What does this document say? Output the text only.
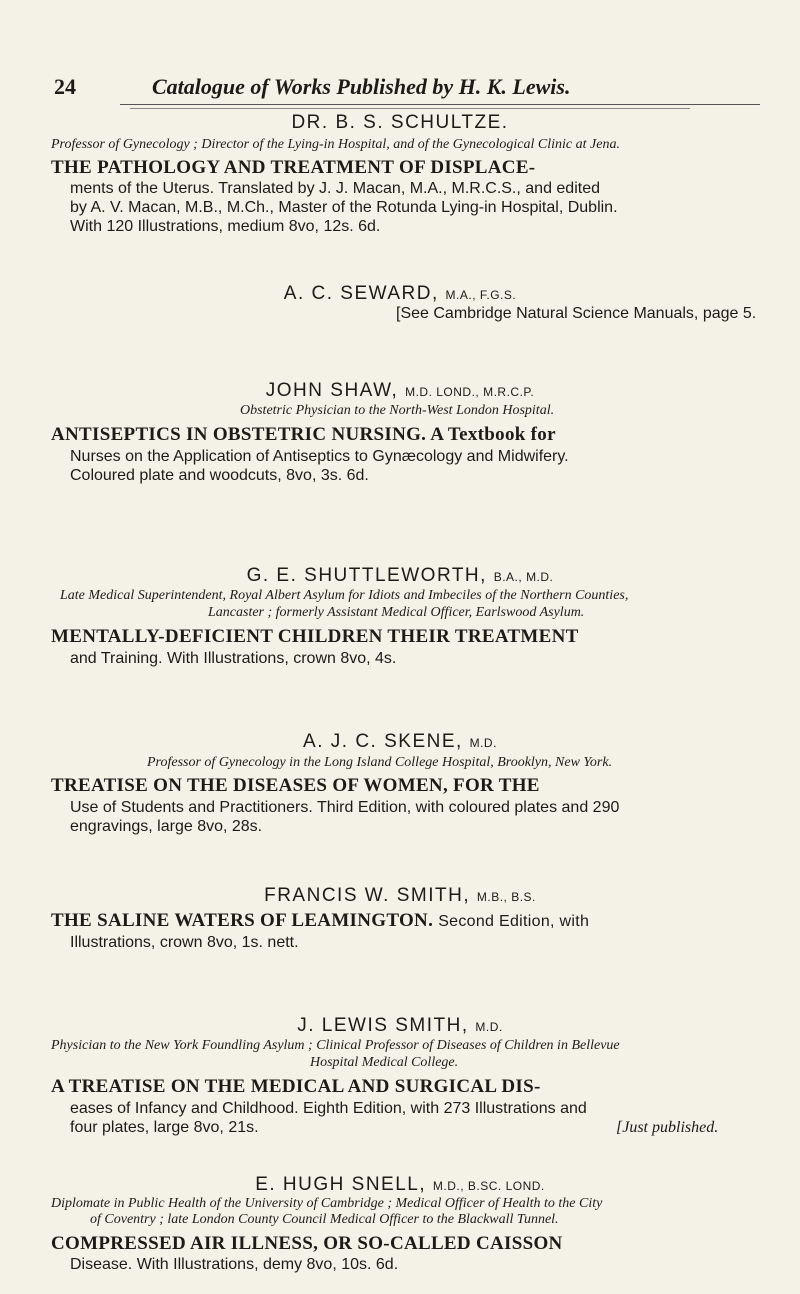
24	Catalogue of Works Published by H. K. Lewis.
DR. B. S. SCHULTZE.
Professor of Gynecology ; Director of the Lying-in Hospital, and of the Gynecological Clinic at Jena.
THE PATHOLOGY AND TREATMENT OF DISPLACE-
ments of the Uterus. Translated by J. J. Macan, M.A., M.R.C.S., and edited
by A. V. Macan, M.B., M.Ch., Master of the Rotunda Lying-in Hospital, Dublin.
With 120 Illustrations, medium 8vo, 12s. 6d.
A. C. SEWARD, M.A., F.G.S.
[See Cambridge Natural Science Manuals, page 5.
JOHN SHAW, M.D. LOND., M.R.C.P.
Obstetric Physician to the North-West London Hospital.
ANTISEPTICS IN OBSTETRIC NURSING. A Textbook for
Nurses on the Application of Antiseptics to Gynæcology and Midwifery.
Coloured plate and woodcuts, 8vo, 3s. 6d.
G. E. SHUTTLEWORTH, B.A., M.D.
Late Medical Superintendent, Royal Albert Asylum for Idiots and Imbeciles of the Northern Counties,
Lancaster ; formerly Assistant Medical Officer, Earlswood Asylum.
MENTALLY-DEFICIENT CHILDREN THEIR TREATMENT
and Training. With Illustrations, crown 8vo, 4s.
A. J. C. SKENE, M.D.
Professor of Gynecology in the Long Island College Hospital, Brooklyn, New York.
TREATISE ON THE DISEASES OF WOMEN, FOR THE
Use of Students and Practitioners. Third Edition, with coloured plates and 290
engravings, large 8vo, 28s.
FRANCIS W. SMITH, M.B., B.S.
THE SALINE WATERS OF LEAMINGTON. Second Edition, with
Illustrations, crown 8vo, 1s. nett.
J. LEWIS SMITH, M.D.
Physician to the New York Foundling Asylum ; Clinical Professor of Diseases of Children in Bellevue
Hospital Medical College.
A TREATISE ON THE MEDICAL AND SURGICAL DIS-
eases of Infancy and Childhood. Eighth Edition, with 273 Illustrations and
four plates, large 8vo, 21s.	[Just published.
E. HUGH SNELL, M.D., B.SC. LOND.
Diplomate in Public Health of the University of Cambridge ; Medical Officer of Health to the City
of Coventry ; late London County Council Medical Officer to the Blackwall Tunnel.
COMPRESSED AIR ILLNESS, OR SO-CALLED CAISSON
Disease. With Illustrations, demy 8vo, 10s. 6d.
